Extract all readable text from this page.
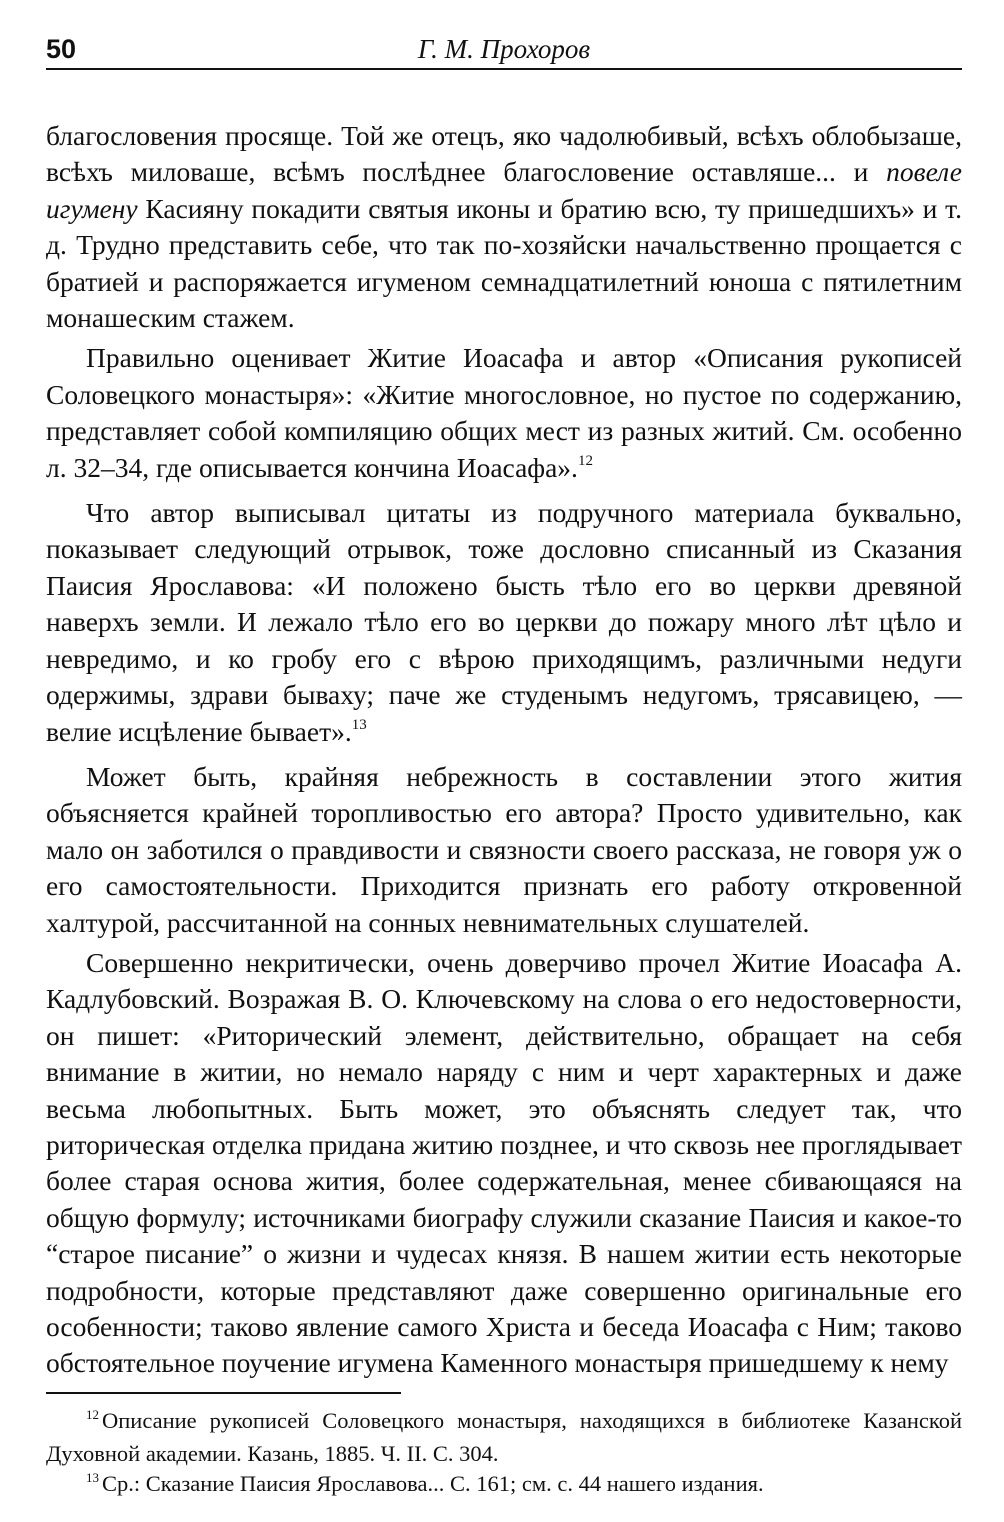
50	Г. М. Прохоров

благословения просяще. Той же отецъ, яко чадолюбивый, всѣхъ облобызаше, всѣхъ миловаше, всѣмъ послѣднее благословение оставляше... и повеле игумену Касияну покадити святыя иконы и братию всю, ту пришедшихъ» и т. д. Трудно представить себе, что так по-хозяйски начальственно прощается с братией и распоряжается игуменом семнадцатилетний юноша с пятилетним монашеским стажем.

Правильно оценивает Житие Иоасафа и автор «Описания рукописей Соловецкого монастыря»: «Житие многословное, но пустое по содержанию, представляет собой компиляцию общих мест из разных житий. См. особенно л. 32–34, где описывается кончина Иоасафа».$^{12}$

Что автор выписывал цитаты из подручного материала буквально, показывает следующий отрывок, тоже дословно списанный из Сказания Паисия Ярославова: «И положено бысть тѣло его во церкви древяной наверхъ земли. И лежало тѣло его во церкви до пожару много лѣт цѣло и невредимо, и ко гробу его с вѣрою приходящимъ, различными недуги одержимы, здрави бываху; паче же студенымъ недугомъ, трясавицею, — велие исцѣление бывает».$^{13}$

Может быть, крайняя небрежность в составлении этого жития объясняется крайней торопливостью его автора? Просто удивительно, как мало он заботился о правдивости и связности своего рассказа, не говоря уж о его самостоятельности. Приходится признать его работу откровенной халтурой, рассчитанной на сонных невнимательных слушателей.

Совершенно некритически, очень доверчиво прочел Житие Иоасафа А. Кадлубовский. Возражая В. О. Ключевскому на слова о его недостоверности, он пишет: «Риторический элемент, действительно, обращает на себя внимание в житии, но немало наряду с ним и черт характерных и даже весьма любопытных. Быть может, это объяснять следует так, что риторическая отделка придана житию позднее, и что сквозь нее проглядывает более старая основа жития, более содержательная, менее сбивающаяся на общую формулу; источниками биографу служили сказание Паисия и какое-то “старое писание” о жизни и чудесах князя. В нашем житии есть некоторые подробности, которые представляют даже совершенно оригинальные его особенности; таково явление самого Христа и беседа Иоасафа с Ним; таково обстоятельное поучение игумена Каменного монастыря пришедшему к нему

$^{12}$ Описание рукописей Соловецкого монастыря, находящихся в библиотеке Казанской Духовной академии. Казань, 1885. Ч. II. С. 304.

$^{13}$ Ср.: Сказание Паисия Ярославова... С. 161; см. с. 44 нашего издания.
